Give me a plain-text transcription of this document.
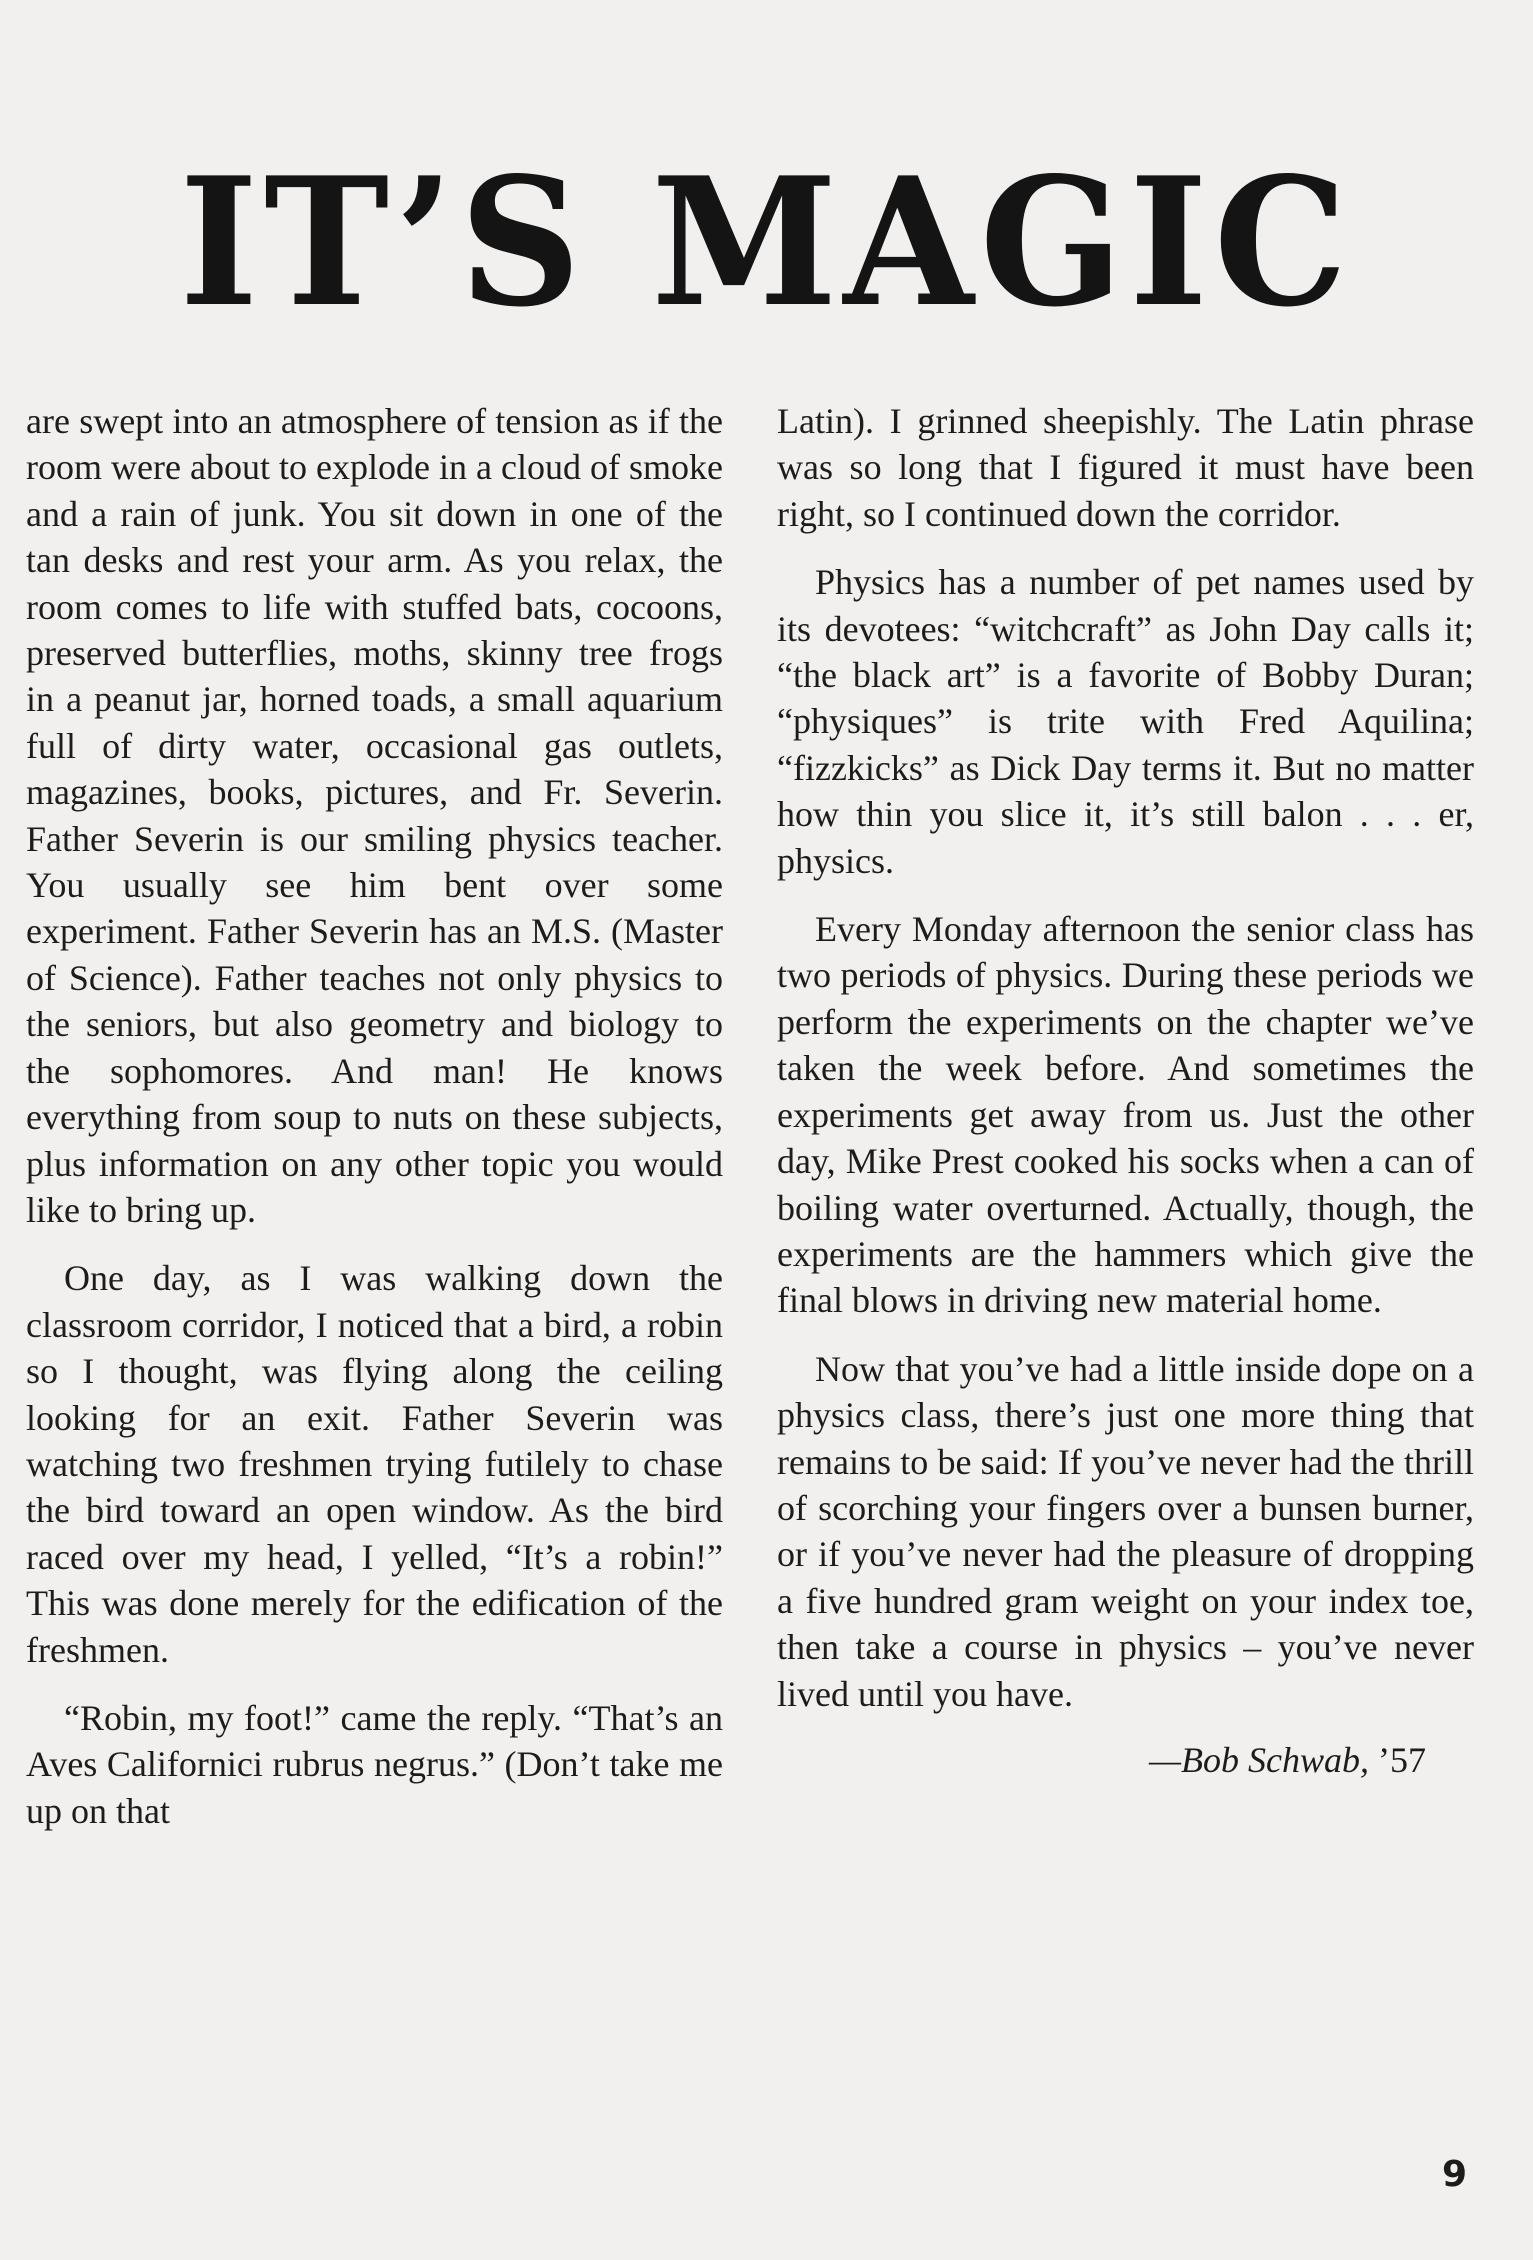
IT’S MAGIC

are swept into an atmosphere of tension as if the room were about to explode in a cloud of smoke and a rain of junk. You sit down in one of the tan desks and rest your arm. As you relax, the room comes to life with stuffed bats, cocoons, preserved butterflies, moths, skinny tree frogs in a peanut jar, horned toads, a small aquarium full of dirty water, occasional gas outlets, magazines, books, pictures, and Fr. Severin. Father Severin is our smiling physics teacher. You usually see him bent over some experiment. Father Severin has an M.S. (Master of Science). Father teaches not only physics to the seniors, but also geometry and biology to the sophomores. And man! He knows everything from soup to nuts on these subjects, plus information on any other topic you would like to bring up.

One day, as I was walking down the classroom corridor, I noticed that a bird, a robin so I thought, was flying along the ceiling looking for an exit. Father Severin was watching two freshmen trying futilely to chase the bird toward an open window. As the bird raced over my head, I yelled, “It’s a robin!” This was done merely for the edification of the freshmen.

“Robin, my foot!” came the reply. “That’s an Aves Californici rubrus negrus.” (Don’t take me up on that

Latin). I grinned sheepishly. The Latin phrase was so long that I figured it must have been right, so I continued down the corridor.

Physics has a number of pet names used by its devotees: “witchcraft” as John Day calls it; “the black art” is a favorite of Bobby Duran; “physiques” is trite with Fred Aquilina; “fizzkicks” as Dick Day terms it. But no matter how thin you slice it, it’s still balon . . . er, physics.

Every Monday afternoon the senior class has two periods of physics. During these periods we perform the experiments on the chapter we’ve taken the week before. And sometimes the experiments get away from us. Just the other day, Mike Prest cooked his socks when a can of boiling water overturned. Actually, though, the experiments are the hammers which give the final blows in driving new material home.

Now that you’ve had a little inside dope on a physics class, there’s just one more thing that remains to be said: If you’ve never had the thrill of scorching your fingers over a bunsen burner, or if you’ve never had the pleasure of dropping a five hundred gram weight on your index toe, then take a course in physics – you’ve never lived until you have.

—Bob Schwab, ’57
9
